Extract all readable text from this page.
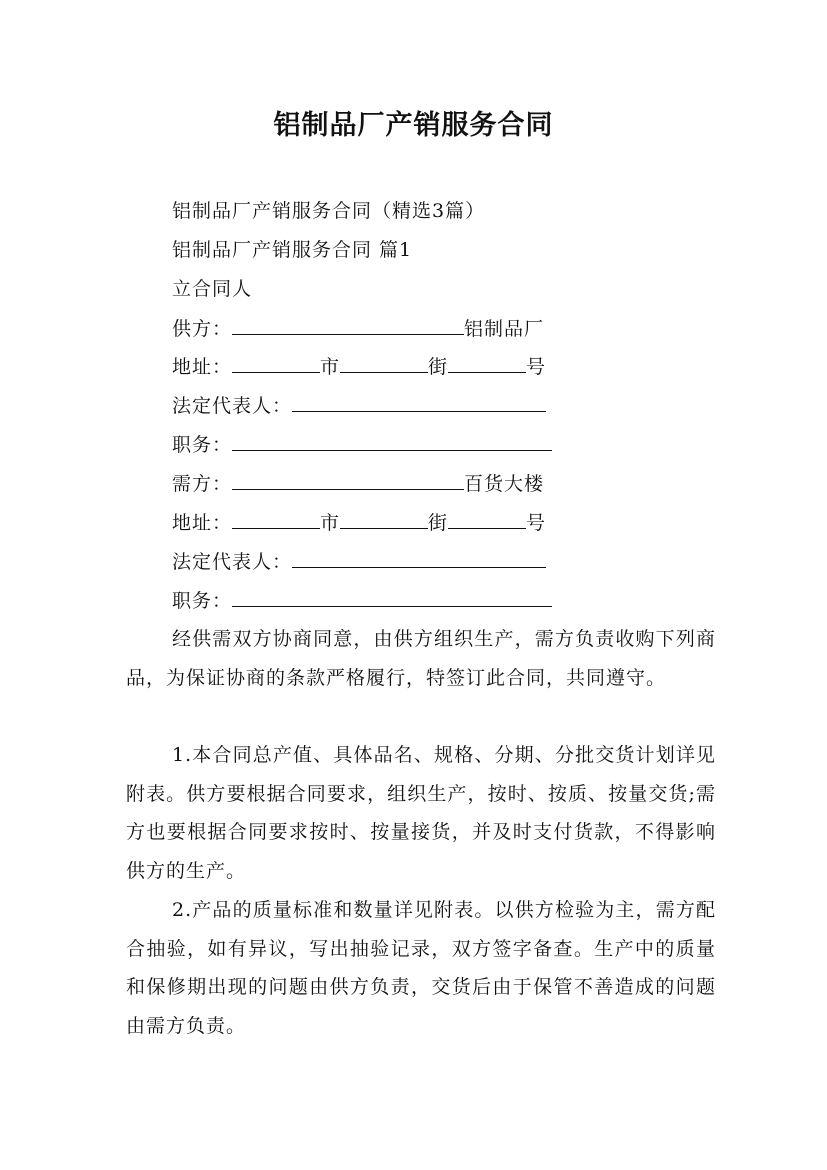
铝制品厂产销服务合同
铝制品厂产销服务合同（精选3篇）
铝制品厂产销服务合同 篇1
立合同人
供方：	铝制品厂
地址：	市	街	号
法定代表人：
职务：
需方：	百货大楼
地址：	市	街	号
法定代表人：
职务：
经供需双方协商同意，由供方组织生产，需方负责收购下列商品，为保证协商的条款严格履行，特签订此合同，共同遵守。
1.本合同总产值、具体品名、规格、分期、分批交货计划详见附表。供方要根据合同要求，组织生产，按时、按质、按量交货;需方也要根据合同要求按时、按量接货，并及时支付货款，不得影响供方的生产。
2.产品的质量标准和数量详见附表。以供方检验为主，需方配合抽验，如有异议，写出抽验记录，双方签字备查。生产中的质量和保修期出现的问题由供方负责，交货后由于保管不善造成的问题由需方负责。
